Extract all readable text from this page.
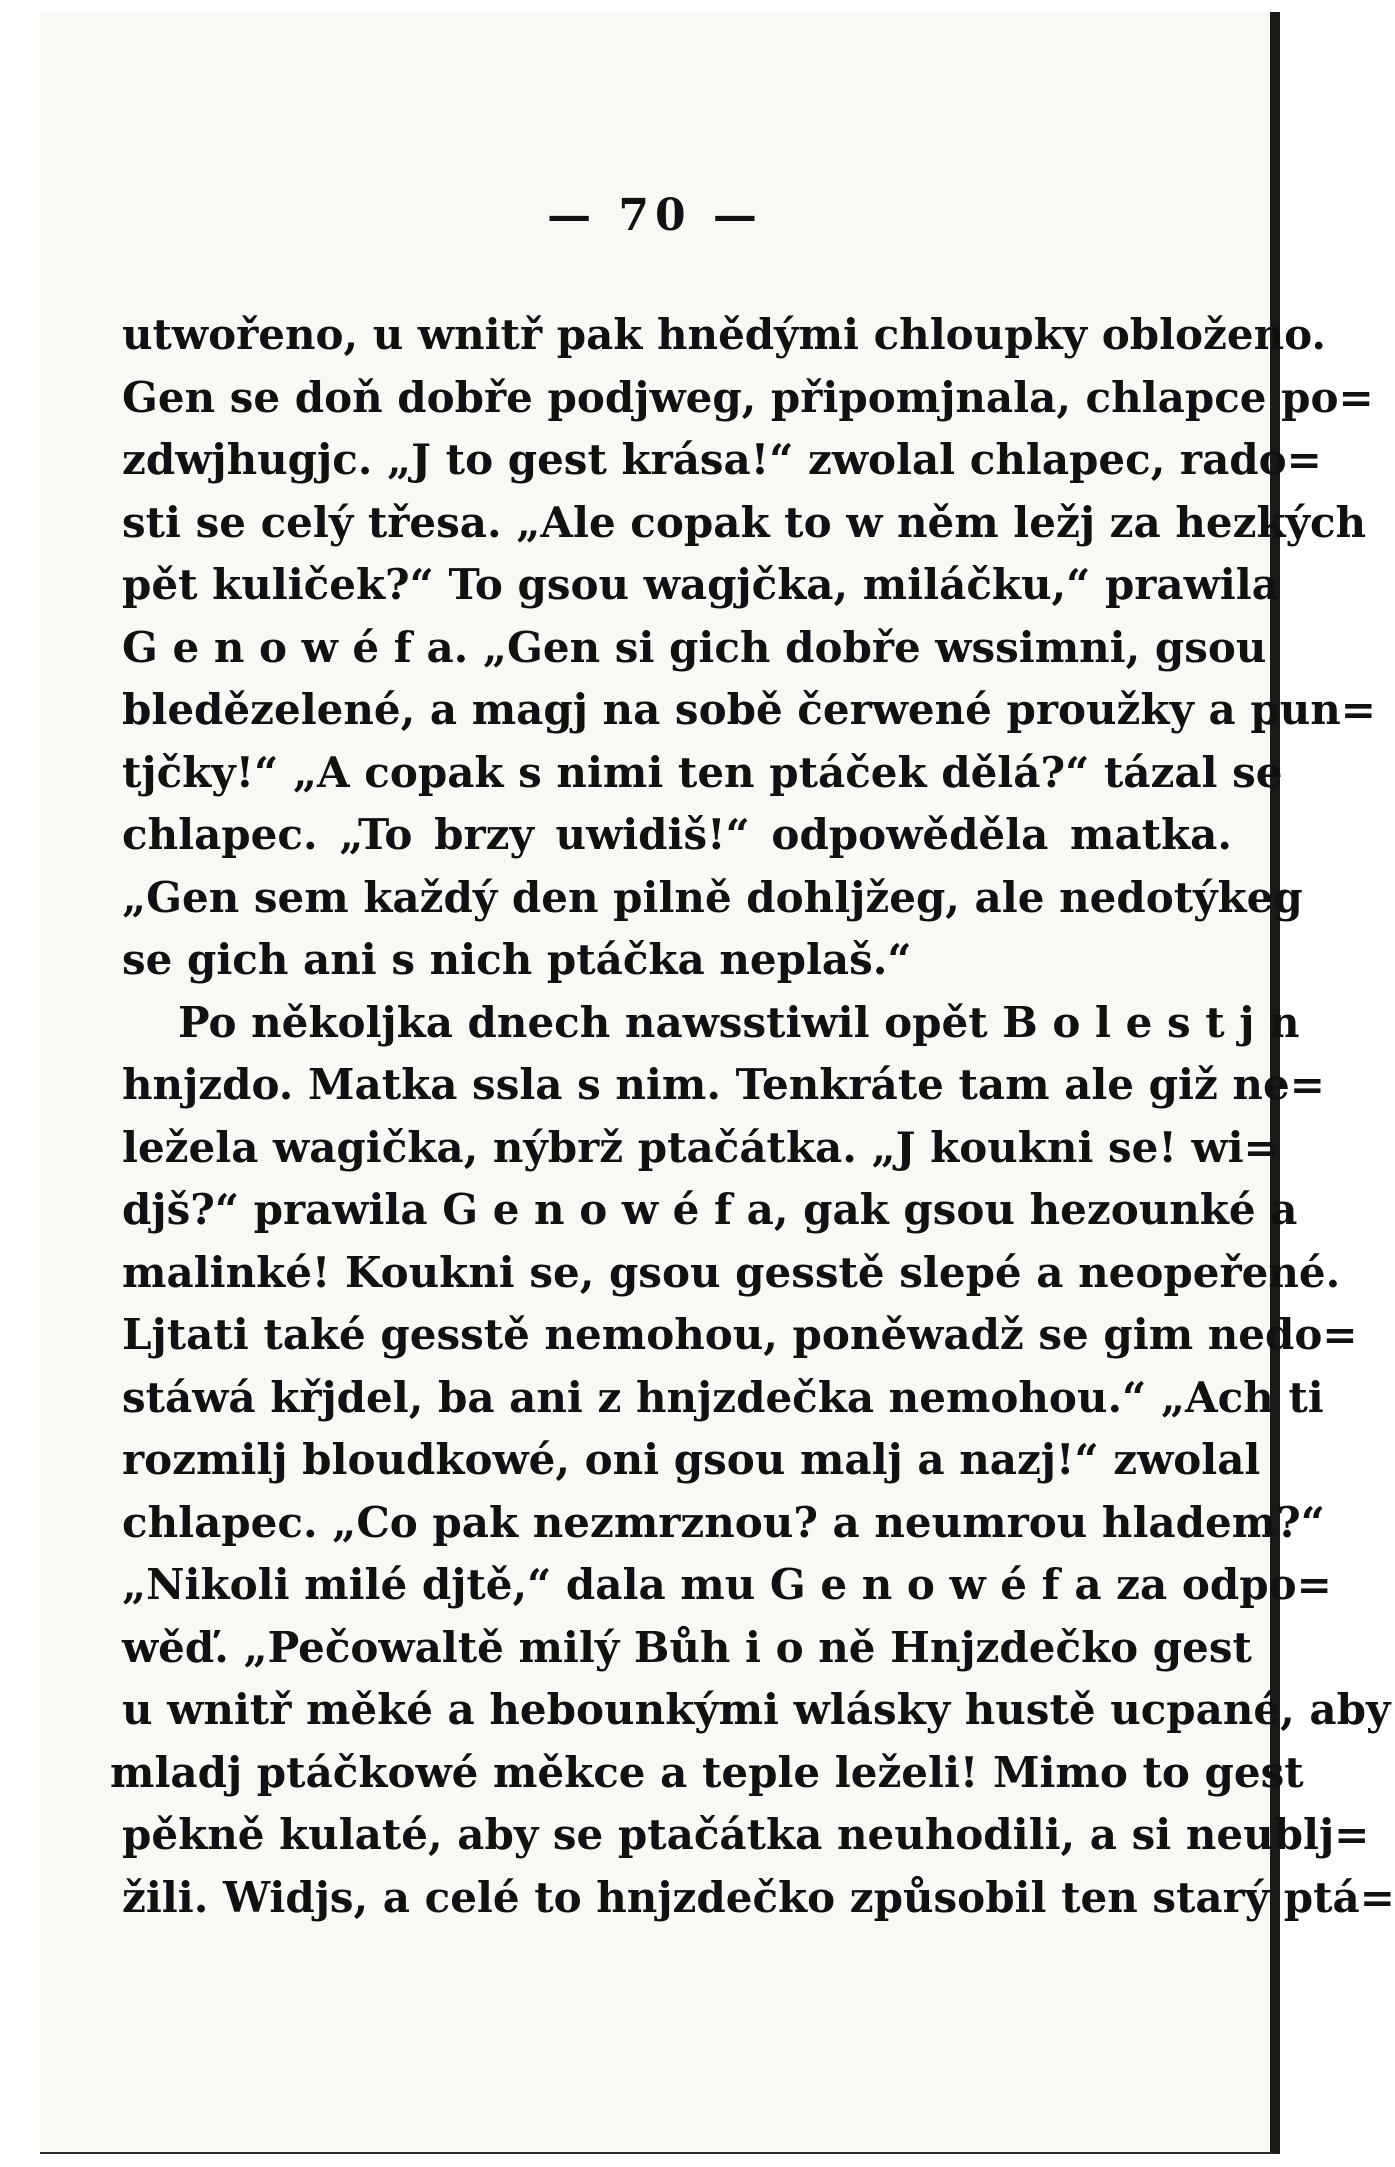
— 70 —
utwořeno, u wnitř pak hnědými chloupky obloženo.
Gen se doň dobře podjweg, připomjnala, chlapce po=
zdwjhugjc. „J to gest krása!“ zwolal chlapec, rado=
sti se celý třesa. „Ale copak to w něm ležj za hezkých
pět kuliček?“ To gsou wagjčka, miláčku,“ prawila
G e n o w é f a. „Gen si gich dobře wssimni, gsou
bledězelené, a magj na sobě čerwené proužky a pun=
tjčky!“ „A copak s nimi ten ptáček dělá?“ tázal se
chlapec. „To brzy uwidiš!“ odpowěděla matka.
„Gen sem každý den pilně dohljžeg, ale nedotýkeg
se gich ani s nich ptáčka neplaš.“
Po několjka dnech nawsstiwil opět B o l e s t j n
hnjzdo. Matka ssla s nim. Tenkráte tam ale giž ne=
ležela wagička, nýbrž ptačátka. „J koukni se! wi=
djš?“ prawila G e n o w é f a, gak gsou hezounké a
malinké! Koukni se, gsou gesstě slepé a neopeřené.
Ljtati také gesstě nemohou, poněwadž se gim nedo=
stáwá křjdel, ba ani z hnjzdečka nemohou.“ „Ach ti
rozmilj bloudkowé, oni gsou malj a nazj!“ zwolal
chlapec. „Co pak nezmrznou? a neumrou hladem?“
„Nikoli milé djtě,“ dala mu G e n o w é f a za odpo=
wěď. „Pečowaltě milý Bůh i o ně Hnjzdečko gest
u wnitř měké a hebounkými wlásky hustě ucpané, aby
mladj ptáčkowé měkce a teple leželi! Mimo to gest
pěkně kulaté, aby se ptačátka neuhodili, a si neublj=
žili. Widjs, a celé to hnjzdečko způsobil ten starý ptá=
